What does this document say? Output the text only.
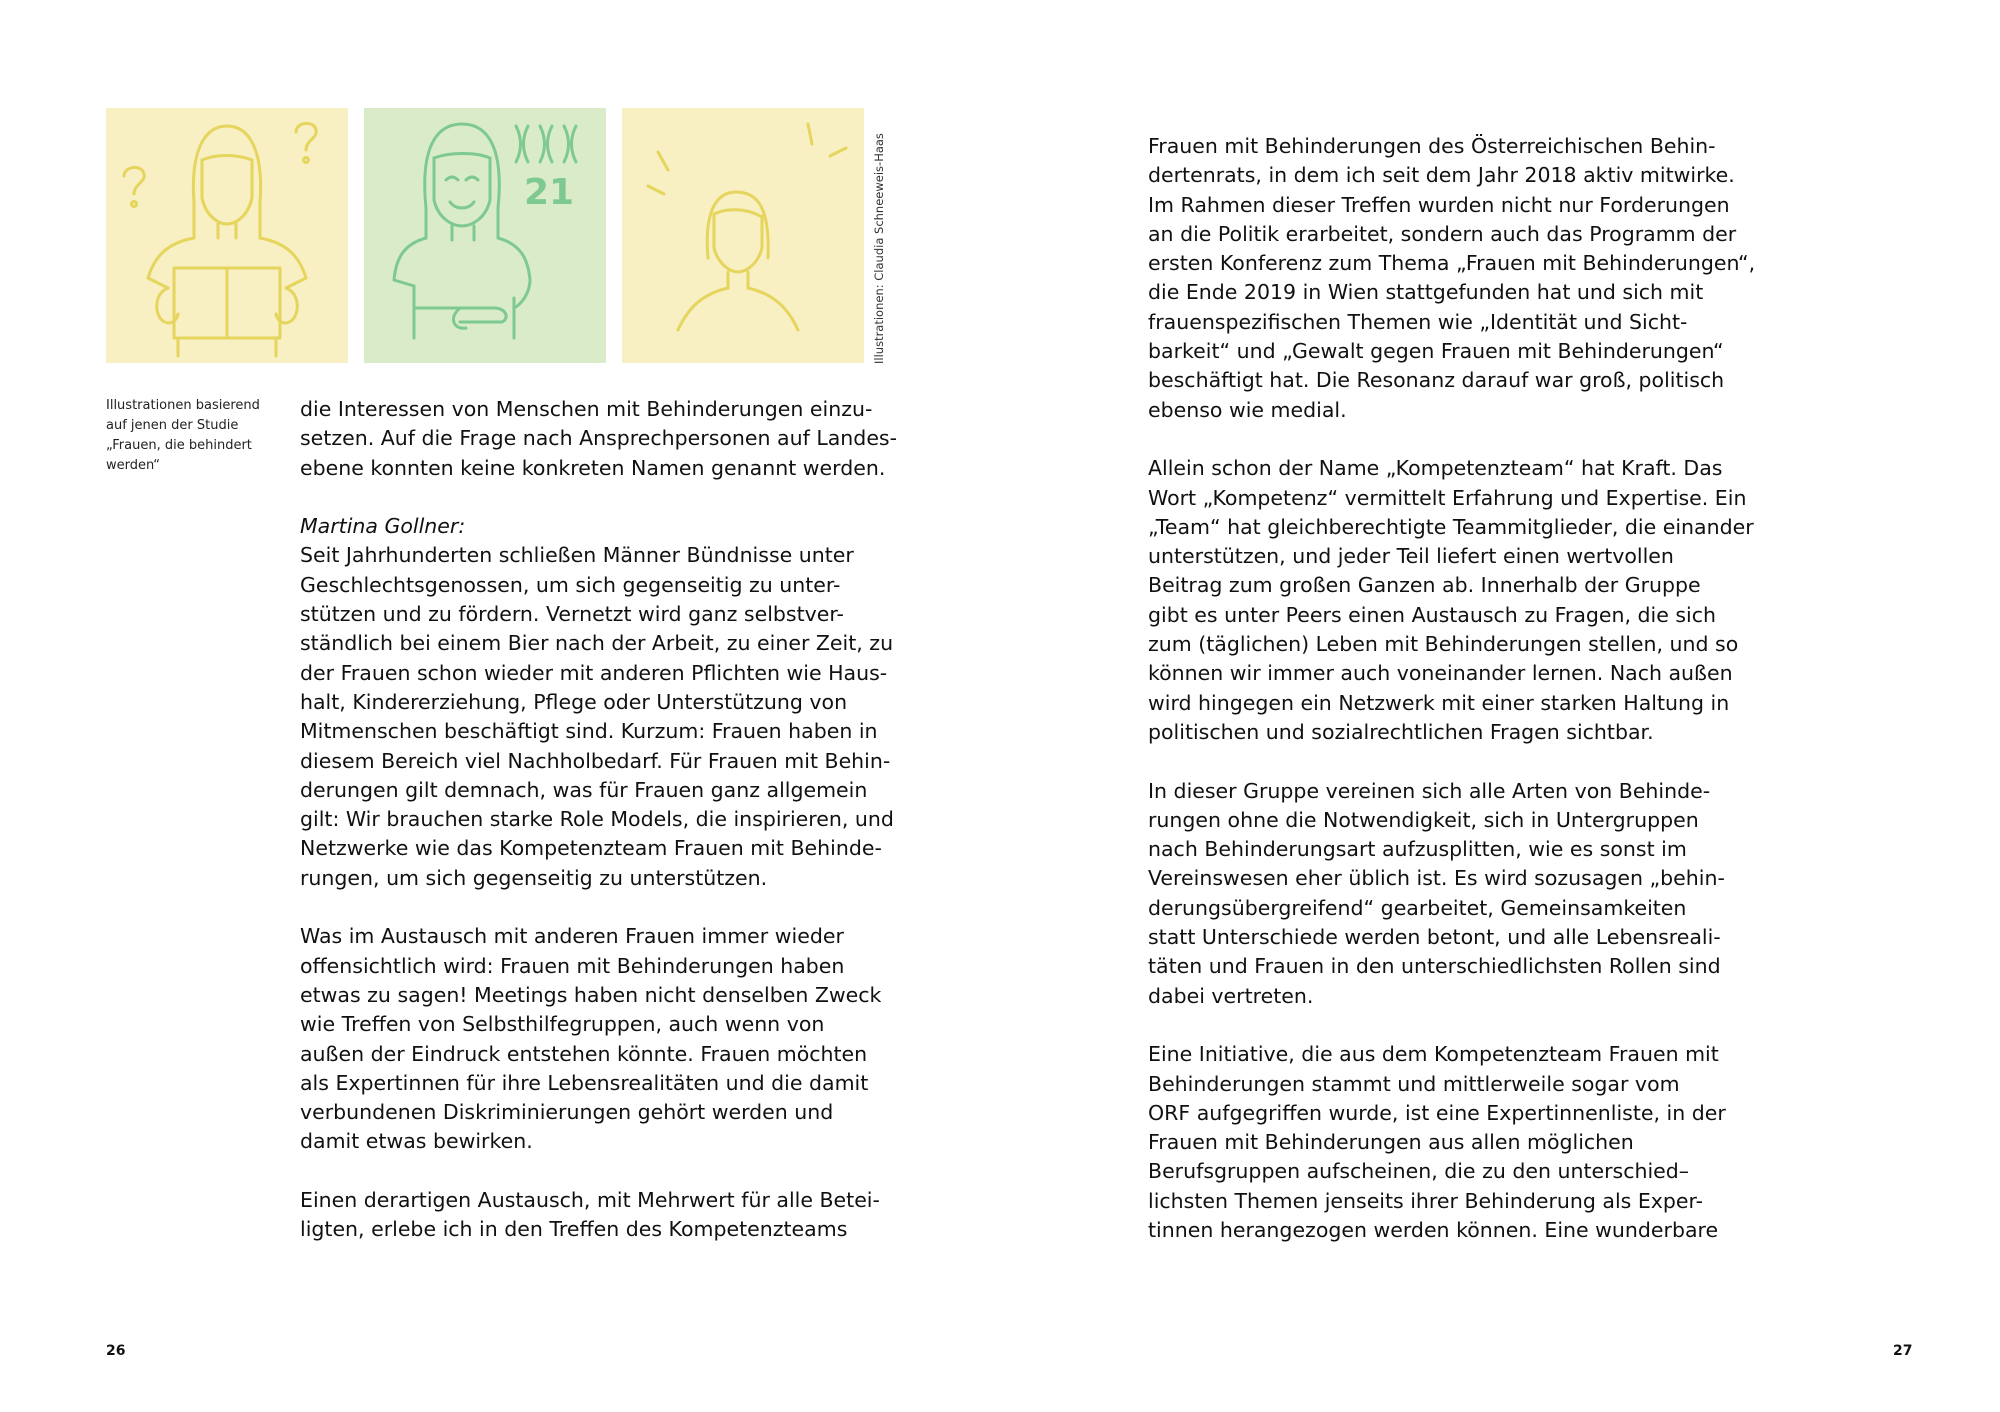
21	Illustrationen: Claudia Schneeweis-Haas
Illustrationen basierend
auf jenen der Studie
„Frauen, die behindert
werden“
die Interessen von Menschen mit Behinderungen einzu-
setzen. Auf die Frage nach Ansprechpersonen auf Landes-
ebene konnten keine konkreten Namen genannt werden.
Martina Gollner:
Seit Jahrhunderten schließen Männer Bündnisse unter
Geschlechtsgenossen, um sich gegenseitig zu unter-
stützen und zu fördern. Vernetzt wird ganz selbstver-
ständlich bei einem Bier nach der Arbeit, zu einer Zeit, zu
der Frauen schon wieder mit anderen Pflichten wie Haus-
halt, Kindererziehung, Pflege oder Unterstützung von
Mitmenschen beschäftigt sind. Kurzum: Frauen haben in
diesem Bereich viel Nachholbedarf. Für Frauen mit Behin-
derungen gilt demnach, was für Frauen ganz allgemein
gilt: Wir brauchen starke Role Models, die inspirieren, und
Netzwerke wie das Kompetenzteam Frauen mit Behinde-
rungen, um sich gegenseitig zu unterstützen.
Was im Austausch mit anderen Frauen immer wieder
offensichtlich wird: Frauen mit Behinderungen haben
etwas zu sagen! Meetings haben nicht denselben Zweck
wie Treffen von Selbsthilfegruppen, auch wenn von
außen der Eindruck entstehen könnte. Frauen möchten
als Expertinnen für ihre Lebensrealitäten und die damit
verbundenen Diskriminierungen gehört werden und
damit etwas bewirken.
Einen derartigen Austausch, mit Mehrwert für alle Betei-
ligten, erlebe ich in den Treffen des Kompetenzteams
Frauen mit Behinderungen des Österreichischen Behin-
dertenrats, in dem ich seit dem Jahr 2018 aktiv mitwirke.
Im Rahmen dieser Treffen wurden nicht nur Forderungen
an die Politik erarbeitet, sondern auch das Programm der
ersten Konferenz zum Thema „Frauen mit Behinderungen“,
die Ende 2019 in Wien stattgefunden hat und sich mit
frauenspezifischen Themen wie „Identität und Sicht-
barkeit“ und „Gewalt gegen Frauen mit Behinderungen“
beschäftigt hat. Die Resonanz darauf war groß, politisch
ebenso wie medial.
Allein schon der Name „Kompetenzteam“ hat Kraft. Das
Wort „Kompetenz“ vermittelt Erfahrung und Expertise. Ein
„Team“ hat gleichberechtigte Teammitglieder, die einander
unterstützen, und jeder Teil liefert einen wertvollen
Beitrag zum großen Ganzen ab. Innerhalb der Gruppe
gibt es unter Peers einen Austausch zu Fragen, die sich
zum (täglichen) Leben mit Behinderungen stellen, und so
können wir immer auch voneinander lernen. Nach außen
wird hingegen ein Netzwerk mit einer starken Haltung in
politischen und sozialrechtlichen Fragen sichtbar.
In dieser Gruppe vereinen sich alle Arten von Behinde-
rungen ohne die Notwendigkeit, sich in Untergruppen
nach Behinderungsart aufzusplitten, wie es sonst im
Vereinswesen eher üblich ist. Es wird sozusagen „behin-
derungsübergreifend“ gearbeitet, Gemeinsamkeiten
statt Unterschiede werden betont, und alle Lebensreali-
täten und Frauen in den unterschiedlichsten Rollen sind
dabei vertreten.
Eine Initiative, die aus dem Kompetenzteam Frauen mit
Behinderungen stammt und mittlerweile sogar vom
ORF aufgegriffen wurde, ist eine Expertinnenliste, in der
Frauen mit Behinderungen aus allen möglichen
Berufsgruppen aufscheinen, die zu den unterschied–
lichsten Themen jenseits ihrer Behinderung als Exper-
tinnen herangezogen werden können. Eine wunderbare
26	27
